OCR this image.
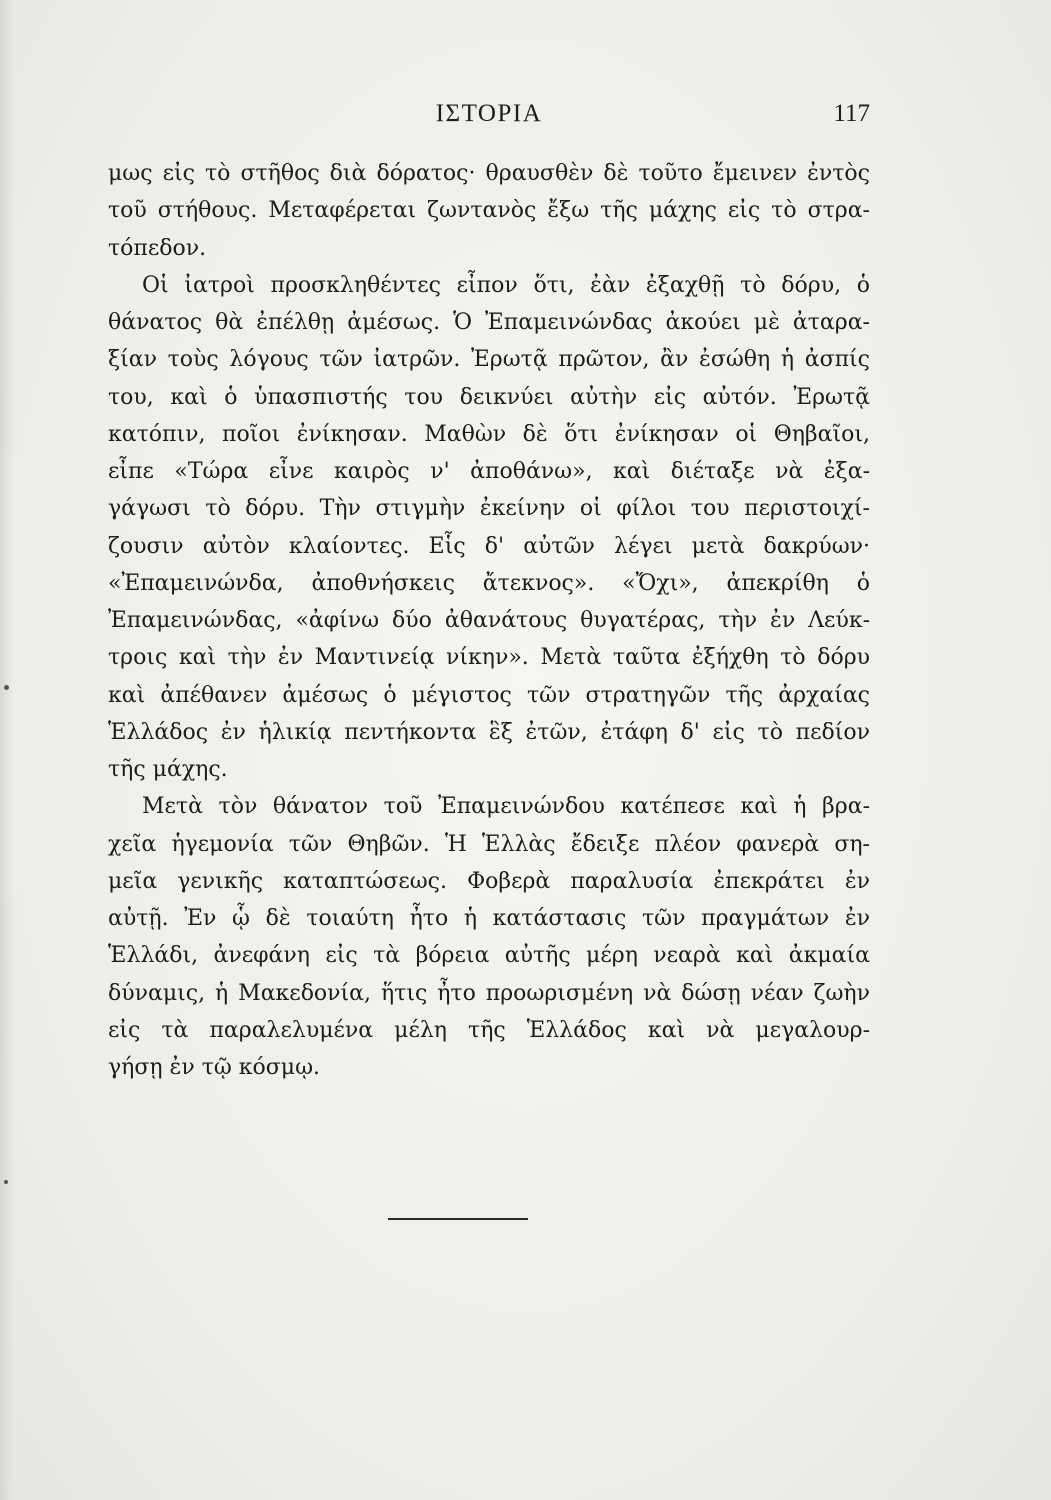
ΙΣΤΟΡΙΑ	117
μως εἰς τὸ στῆθος διὰ δόρατος· θραυσθὲν δὲ τοῦτο ἔμεινεν ἐντὸς
τοῦ στήθους. Μεταφέρεται ζωντανὸς ἔξω τῆς μάχης εἰς τὸ στρα-
τόπεδον.
Οἱ ἰατροὶ προσκληθέντες εἶπον ὅτι, ἐὰν ἐξαχθῇ τὸ δόρυ, ὁ
θάνατος θὰ ἐπέλθῃ ἀμέσως. Ὁ Ἐπαμεινώνδας ἀκούει μὲ ἀταρα-
ξίαν τοὺς λόγους τῶν ἰατρῶν. Ἐρωτᾷ πρῶτον, ἂν ἐσώθη ἡ ἀσπίς
του, καὶ ὁ ὑπασπιστής του δεικνύει αὐτὴν εἰς αὐτόν. Ἐρωτᾷ
κατόπιν, ποῖοι ἐνίκησαν. Μαθὼν δὲ ὅτι ἐνίκησαν οἱ Θηβαῖοι,
εἶπε «Τώρα εἶνε καιρὸς ν' ἀποθάνω», καὶ διέταξε νὰ ἐξα-
γάγωσι τὸ δόρυ. Τὴν στιγμὴν ἐκείνην οἱ φίλοι του περιστοιχί-
ζουσιν αὐτὸν κλαίοντες. Εἷς δ' αὐτῶν λέγει μετὰ δακρύων·
«Ἐπαμεινώνδα, ἀποθνήσκεις ἄτεκνος». «Ὄχι», ἀπεκρίθη ὁ
Ἐπαμεινώνδας, «ἀφίνω δύο ἀθανάτους θυγατέρας, τὴν ἐν Λεύκ-
τροις καὶ τὴν ἐν Μαντινείᾳ νίκην». Μετὰ ταῦτα ἐξήχθη τὸ δόρυ
καὶ ἀπέθανεν ἀμέσως ὁ μέγιστος τῶν στρατηγῶν τῆς ἀρχαίας
Ἑλλάδος ἐν ἡλικίᾳ πεντήκοντα ἓξ ἐτῶν, ἐτάφη δ' εἰς τὸ πεδίον
τῆς μάχης.
Μετὰ τὸν θάνατον τοῦ Ἐπαμεινώνδου κατέπεσε καὶ ἡ βρα-
χεῖα ἡγεμονία τῶν Θηβῶν. Ἡ Ἑλλὰς ἔδειξε πλέον φανερὰ ση-
μεῖα γενικῆς καταπτώσεως. Φοβερὰ παραλυσία ἐπεκράτει ἐν
αὐτῇ. Ἐν ᾧ δὲ τοιαύτη ἦτο ἡ κατάστασις τῶν πραγμάτων ἐν
Ἑλλάδι, ἀνεφάνη εἰς τὰ βόρεια αὐτῆς μέρη νεαρὰ καὶ ἀκμαία
δύναμις, ἡ Μακεδονία, ἥτις ἦτο προωρισμένη νὰ δώσῃ νέαν ζωὴν
εἰς τὰ παραλελυμένα μέλη τῆς Ἑλλάδος καὶ νὰ μεγαλουρ-
γήσῃ ἐν τῷ κόσμῳ.
